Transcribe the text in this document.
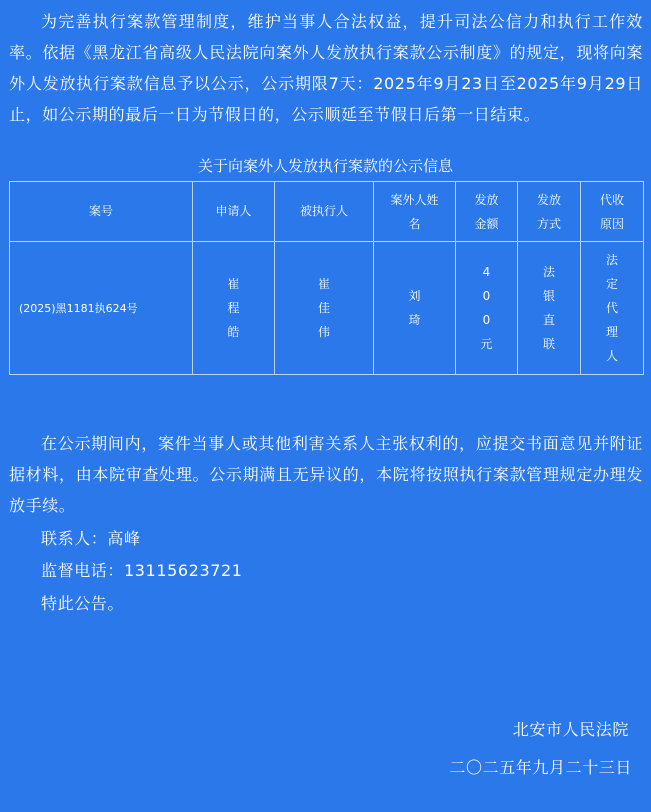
为完善执行案款管理制度，维护当事人合法权益，提升司法公信力和执行工作效率。依据《黑龙江省高级人民法院向案外人发放执行案款公示制度》的规定，现将向案外人发放执行案款信息予以公示，公示期限7天：2025年9月23日至2025年9月29日止，如公示期的最后一日为节假日的，公示顺延至节假日后第一日结束。

关于向案外人发放执行案款的公示信息
案号	申请人	被执行人	案外人姓名	发放金额	发放方式	代收原因
(2025)黑1181执624号	崔程皓	崔佳伟	刘琦	400元	法银直联	法定代理人

在公示期间内，案件当事人或其他利害关系人主张权利的，应提交书面意见并附证据材料，由本院审查处理。公示期满且无异议的，本院将按照执行案款管理规定办理发放手续。

联系人：高峰

监督电话：13115623721

特此公告。

北安市人民法院
二〇二五年九月二十三日
